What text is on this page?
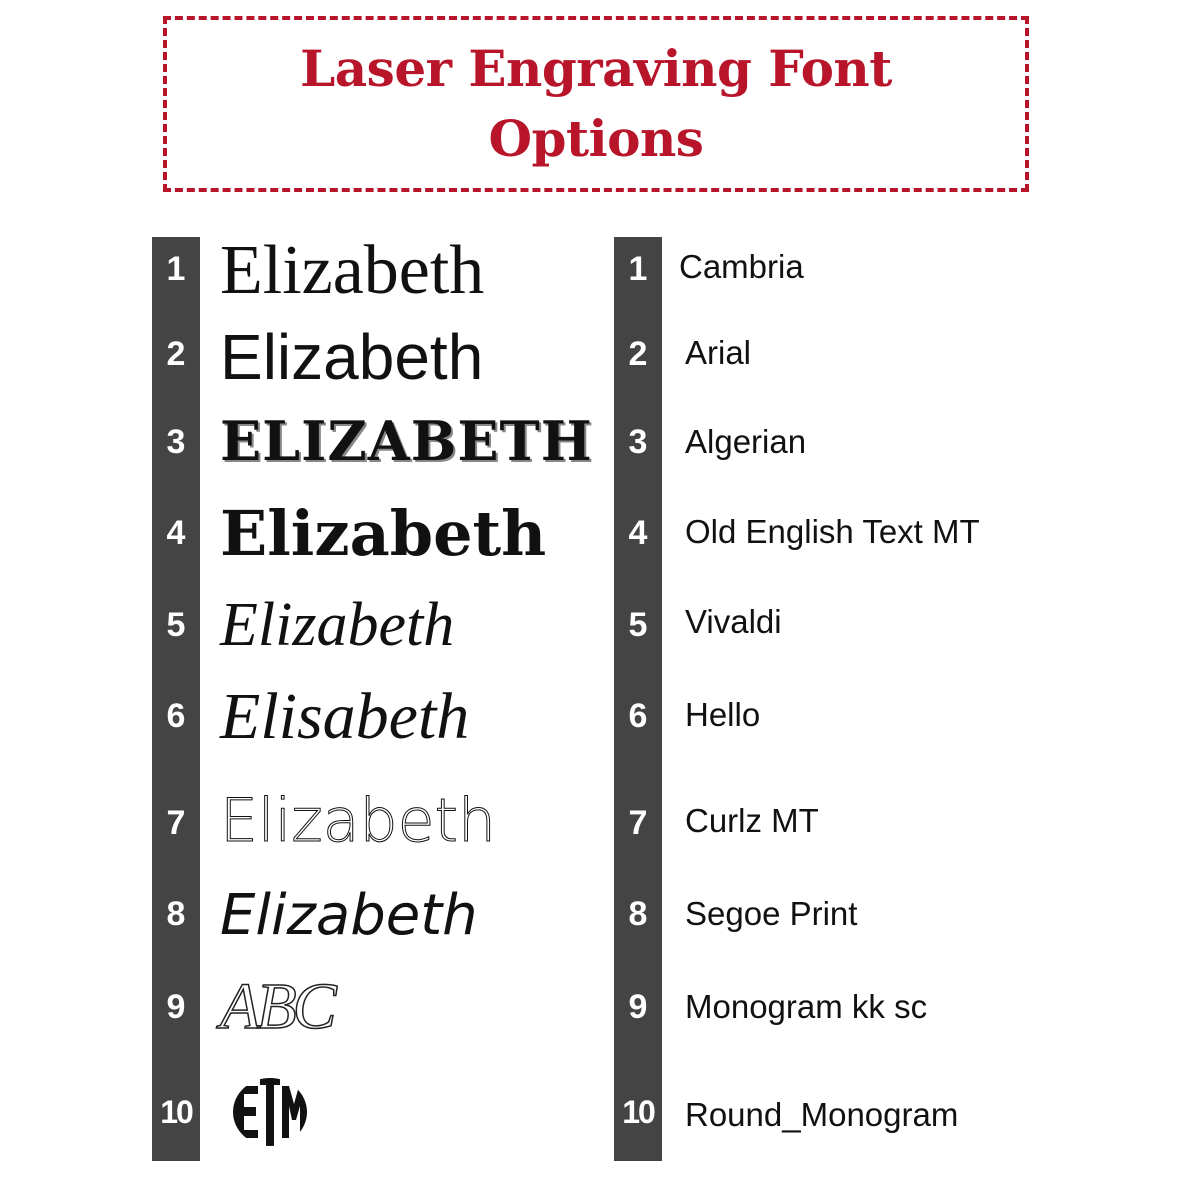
Laser Engraving Font
Options
1
2
3
4
5
6
7
8
9
10
1
2
3
4
5
6
7
8
9
10
Elizabeth
Elizabeth
ELIZABETH
Elizabeth
Elizabeth
Elisabeth
Elizabeth
Elizabeth
ABC
ETM
Cambria
Arial
Algerian
Old English Text MT
Vivaldi
Hello
Curlz MT
Segoe Print
Monogram kk sc
Round_Monogram
